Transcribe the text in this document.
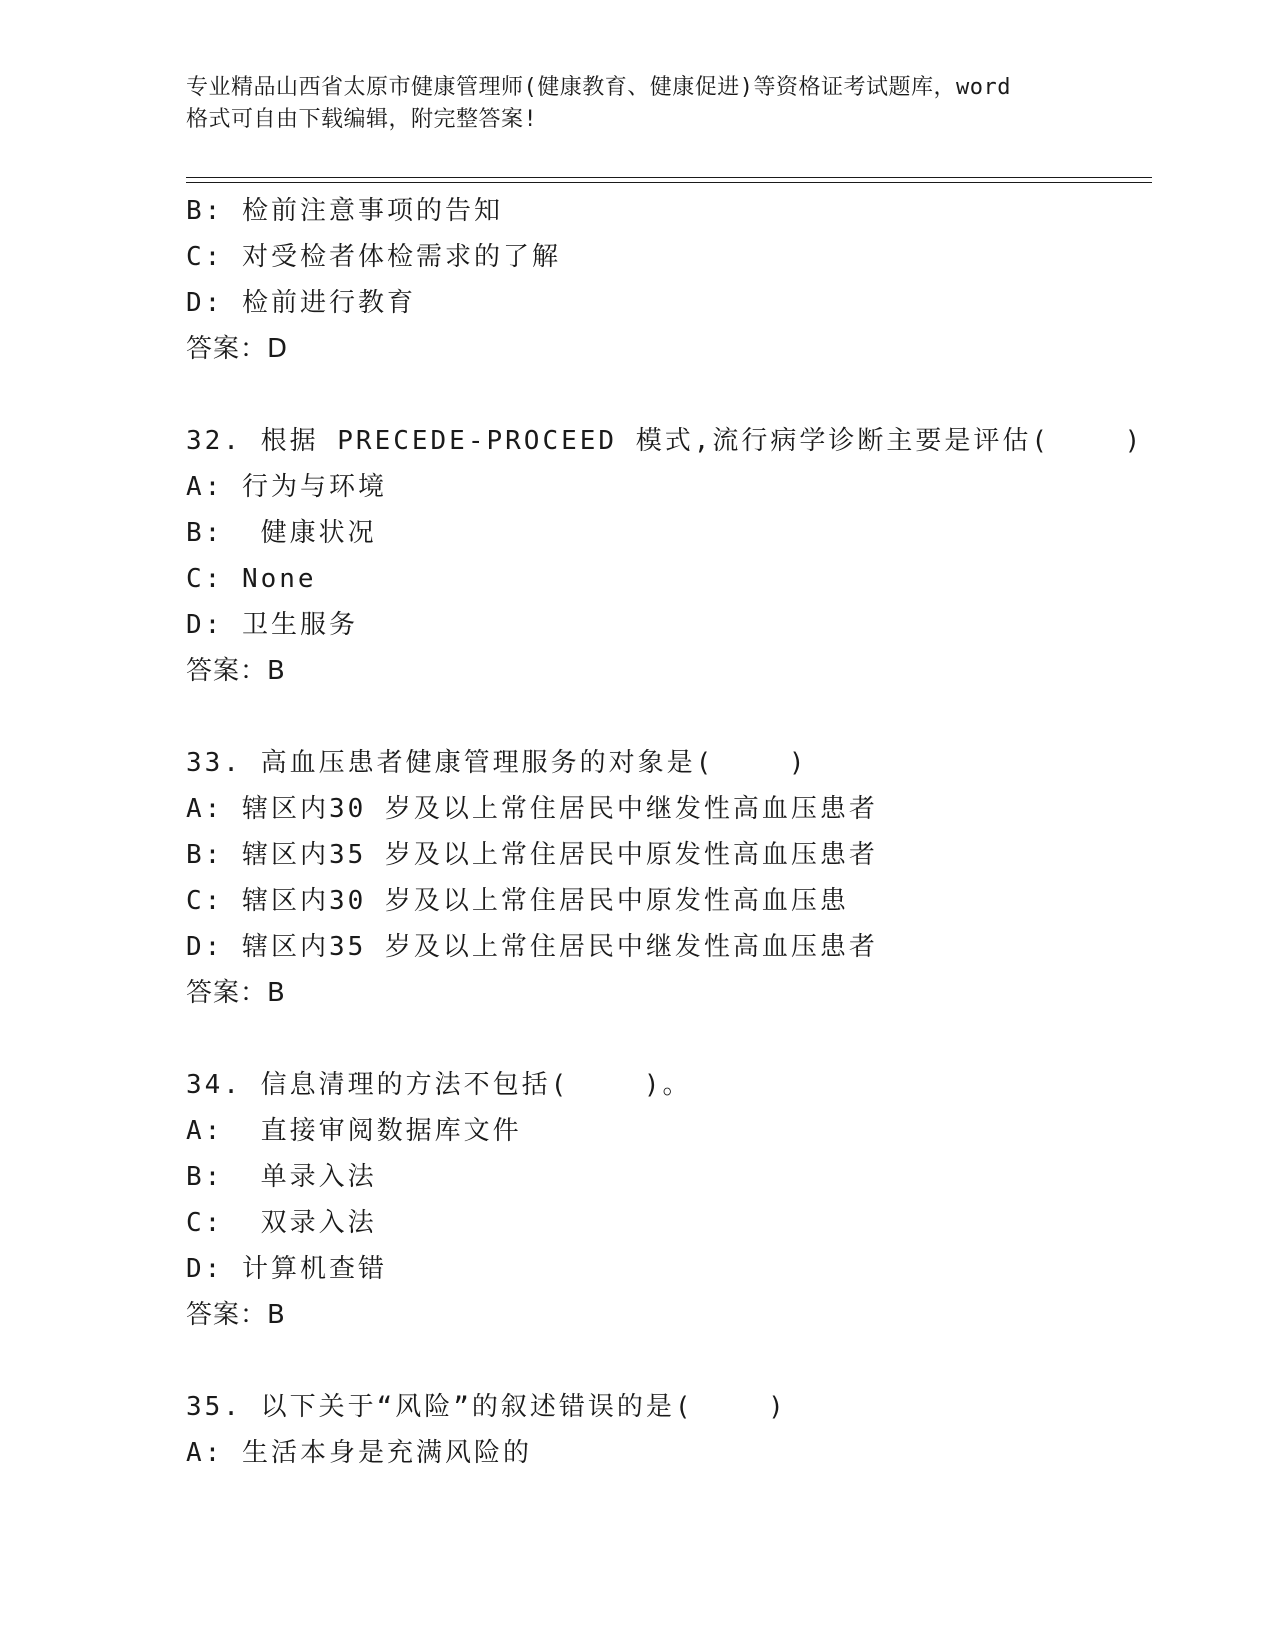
专业精品山西省太原市健康管理师(健康教育、健康促进)等资格证考试题库，word
格式可自由下载编辑，附完整答案!
B: 检前注意事项的告知
C: 对受检者体检需求的了解
D: 检前进行教育
答案：D
32. 根据 PRECEDE-PROCEED 模式,流行病学诊断主要是评估(    )
A: 行为与环境
B:  健康状况
C: None
D: 卫生服务
答案：B
33. 高血压患者健康管理服务的对象是(    )
A: 辖区内30 岁及以上常住居民中继发性高血压患者
B: 辖区内35 岁及以上常住居民中原发性高血压患者
C: 辖区内30 岁及以上常住居民中原发性高血压患
D: 辖区内35 岁及以上常住居民中继发性高血压患者
答案：B
34. 信息清理的方法不包括(    )。
A:  直接审阅数据库文件
B:  单录入法
C:  双录入法
D: 计算机查错
答案：B
35. 以下关于“风险”的叙述错误的是(    )
A: 生活本身是充满风险的
